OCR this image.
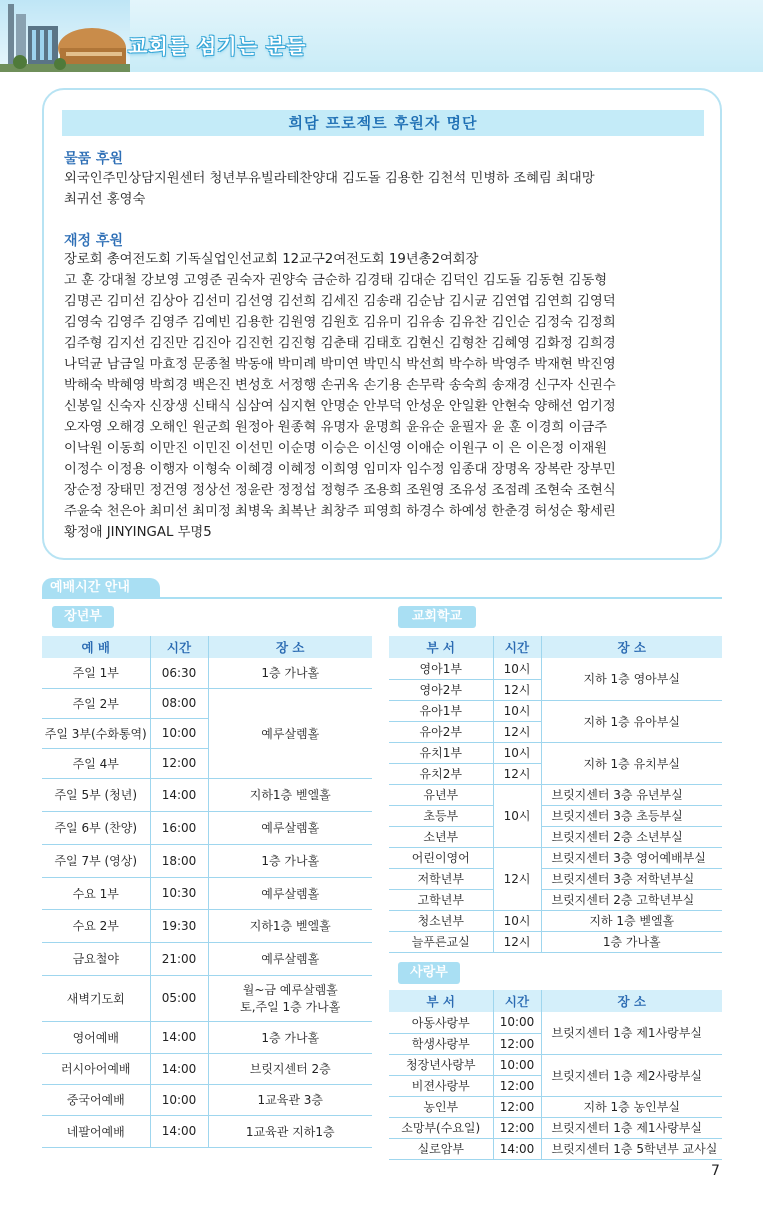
교회를 섬기는 분들
희담 프로젝트 후원자 명단
물품 후원
외국인주민상담지원센터 청년부유빌라테찬양대 김도돌 김용한 김천석 민병하 조혜림 최대망
최귀선 홍영숙
재정 후원
장로회 총여전도회 기독실업인선교회 12교구2여전도회 19년총2여회장
고 훈 강대철 강보영 고영준 권숙자 권양숙 금순하 김경태 김대순 김덕인 김도돌 김동현 김동형
김명곤 김미선 김상아 김선미 김선영 김선희 김세진 김송래 김순남 김시균 김연엽 김연희 김영덕
김영숙 김영주 김영주 김예빈 김용한 김원영 김원호 김유미 김유송 김유찬 김인순 김정숙 김정희
김주형 김지선 김진만 김진아 김진헌 김진형 김춘태 김태호 김현신 김형찬 김혜영 김화정 김희경
나덕균 남금일 마효정 문종철 박동애 박미례 박미연 박민식 박선희 박수하 박영주 박재현 박진영
박해숙 박혜영 박희경 백은진 변성호 서정행 손귀옥 손기용 손무락 송숙희 송재경 신구자 신권수
신봉일 신숙자 신장생 신태식 심삼여 심지현 안명순 안부덕 안성운 안일환 안현숙 양해선 엄기정
오자영 오해경 오해인 원군희 원정아 원종혁 유명자 윤명희 윤유순 윤필자 윤 훈 이경희 이금주
이낙원 이동희 이만진 이민진 이선민 이순명 이승은 이신영 이애순 이원구 이 은 이은정 이재원
이정수 이정용 이행자 이형숙 이혜경 이혜정 이희영 임미자 임수정 임종대 장명옥 장복란 장부민
장순정 장태민 정건영 정상선 정윤란 정정섭 정형주 조용희 조원영 조유성 조점례 조현숙 조현식
주윤숙 천은아 최미선 최미정 최병욱 최복난 최창주 피영희 하경수 하예성 한춘경 허성순 황세린
황정애 JINYINGAL 무명5
예배시간 안내
장년부	교회학교
사랑부
예 배	시간	장 소
주일 1부	06:30	1층 가나홀
주일 2부	08:00	예루살렘홀
주일 3부(수화통역)	10:00	
주일 4부	12:00	
주일 5부 (청년)	14:00	지하1층 벧엘홀
주일 6부 (찬양)	16:00	예루살렘홀
주일 7부 (영상)	18:00	1층 가나홀
수요 1부	10:30	예루살렘홀
수요 2부	19:30	지하1층 벧엘홀
금요철야	21:00	예루살렘홀
새벽기도회	05:00	월~금 예루살렘홀
토,주일 1층 가나홀

영어예배	14:00	1층 가나홀
러시아어예배	14:00	브릿지센터 2층
중국어예배	10:00	1교육관 3층
네팔어예배	14:00	1교육관 지하1층
부 서	시간	장 소
영아1부	10시	지하 1층 영아부실
영아2부	12시	
유아1부	10시	지하 1층 유아부실
유아2부	12시	
유치1부	10시	지하 1층 유치부실
유치2부	12시	
유년부	10시	브릿지센터 3층 유년부실
초등부		브릿지센터 3층 초등부실
소년부		브릿지센터 2층 소년부실
어린이영어	12시	브릿지센터 3층 영어예배부실
저학년부		브릿지센터 3층 저학년부실
고학년부		브릿지센터 2층 고학년부실
청소년부	10시	지하 1층 벧엘홀
늘푸른교실	12시	1층 가나홀
부 서	시간	장 소
아동사랑부	10:00	브릿지센터 1층 제1사랑부실
학생사랑부	12:00	
청장년사랑부	10:00	브릿지센터 1층 제2사랑부실
비젼사랑부	12:00	
농인부	12:00	지하 1층 농인부실
소망부(수요일)	12:00	브릿지센터 1층 제1사랑부실
실로암부	14:00	브릿지센터 1층 5학년부 교사실
7
